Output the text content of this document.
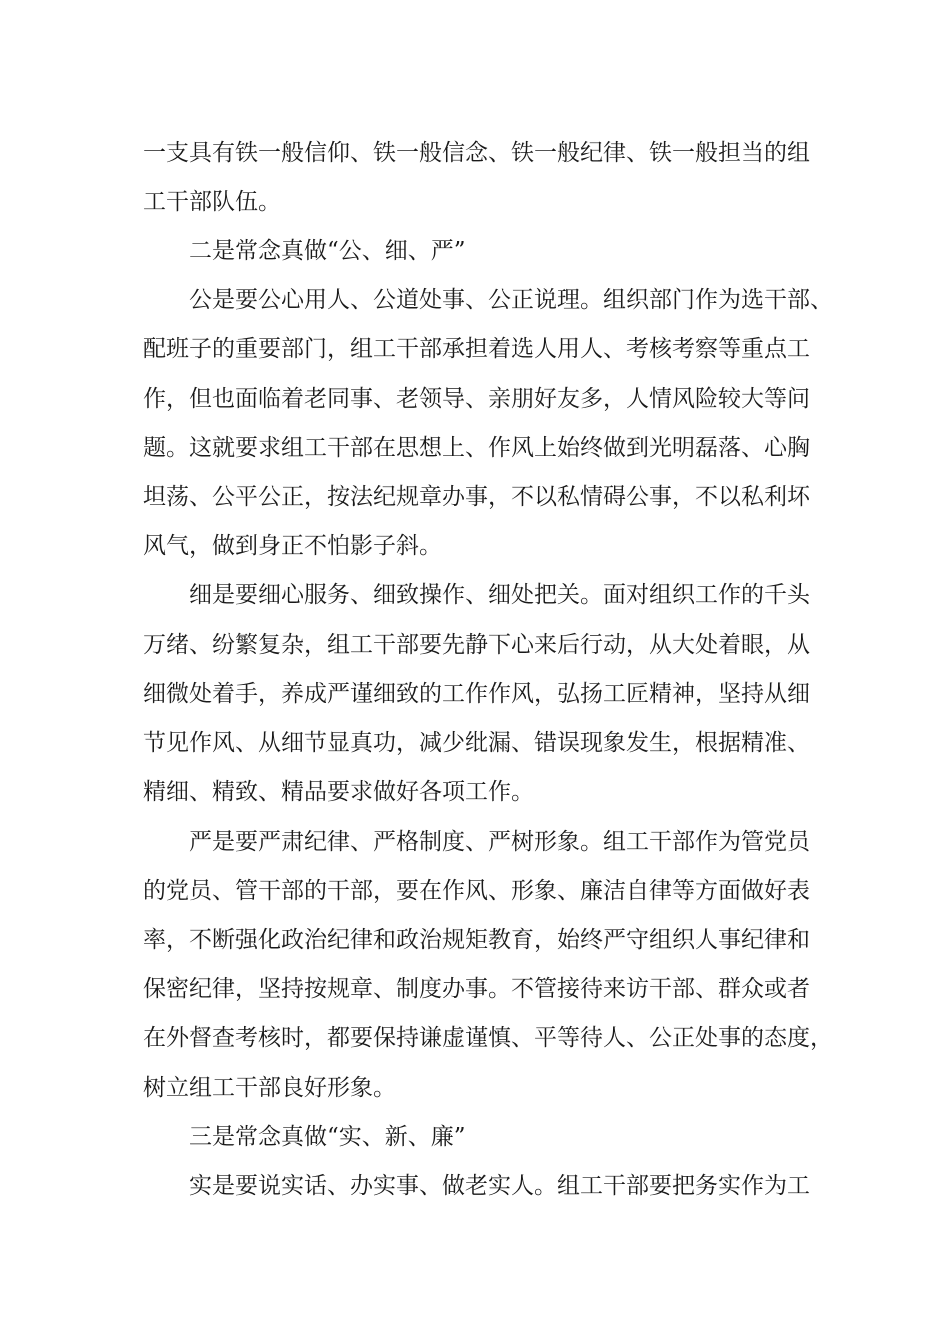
一支具有铁一般信仰、铁一般信念、铁一般纪律、铁一般担当的组

工干部队伍。

二是常念真做“公、细、严”

公是要公心用人、公道处事、公正说理。组织部门作为选干部、

配班子的重要部门，组工干部承担着选人用人、考核考察等重点工

作，但也面临着老同事、老领导、亲朋好友多，人情风险较大等问

题。这就要求组工干部在思想上、作风上始终做到光明磊落、心胸

坦荡、公平公正，按法纪规章办事，不以私情碍公事，不以私利坏

风气，做到身正不怕影子斜。

细是要细心服务、细致操作、细处把关。面对组织工作的千头

万绪、纷繁复杂，组工干部要先静下心来后行动，从大处着眼，从

细微处着手，养成严谨细致的工作作风，弘扬工匠精神，坚持从细

节见作风、从细节显真功，减少纰漏、错误现象发生，根据精准、

精细、精致、精品要求做好各项工作。

严是要严肃纪律、严格制度、严树形象。组工干部作为管党员

的党员、管干部的干部，要在作风、形象、廉洁自律等方面做好表

率，不断强化政治纪律和政治规矩教育，始终严守组织人事纪律和

保密纪律，坚持按规章、制度办事。不管接待来访干部、群众或者

在外督查考核时，都要保持谦虚谨慎、平等待人、公正处事的态度，

树立组工干部良好形象。

三是常念真做“实、新、廉”

实是要说实话、办实事、做老实人。组工干部要把务实作为工
